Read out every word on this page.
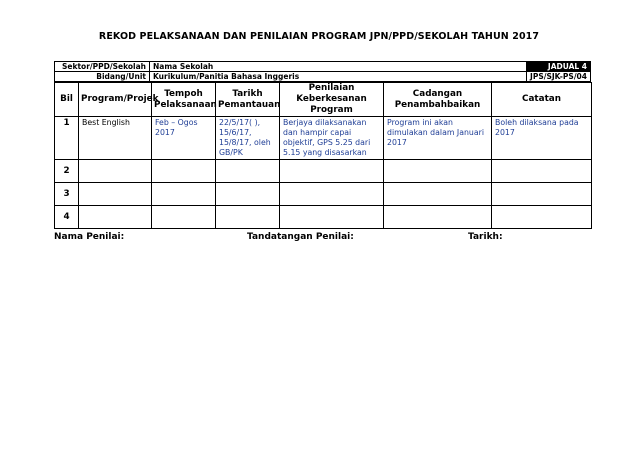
REKOD PELAKSANAAN DAN PENILAIAN PROGRAM JPN/PPD/SEKOLAH TAHUN 2017
Sektor/PPD/Sekolah	Nama Sekolah	JADUAL 4
Bidang/Unit	Kurikulum/Panitia Bahasa Inggeris	JPS/SJK-PS/04
Bil	Program/Projek	Tempoh Pelaksanaan	Tarikh Pemantauan	Penilaian Keberkesanan Program	Cadangan Penambahbaikan	Catatan
1	Best English	Feb – Ogos 2017	22/5/17( ), 15/6/17, 15/8/17, oleh GB/PK	Berjaya dilaksanakan dan hampir capai objektif, GPS 5.25 dari 5.15 yang disasarkan	Program ini akan dimulakan dalam Januari 2017	Boleh dilaksana pada 2017
2						
3						
4						
Nama Penilai:	Tandatangan Penilai:	Tarikh:
